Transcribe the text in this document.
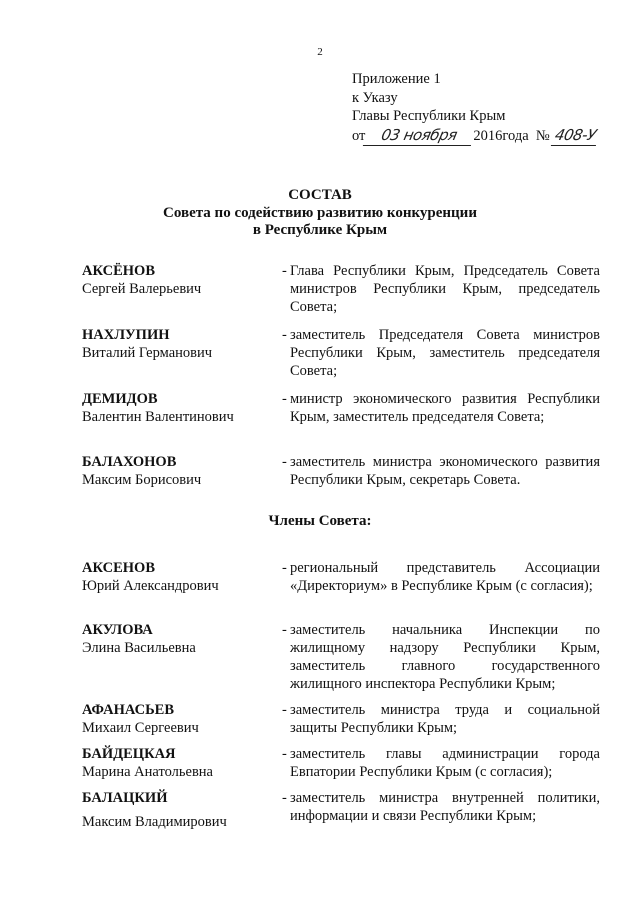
2
Приложение 1
к Указу
Главы Республики Крым
от 03 ноября 2016года № 408-У
СОСТАВ
Совета по содействию развитию конкуренции
в Республике Крым
АКСЁНОВ
Сергей Валерьевич
- Глава Республики Крым, Председатель Совета министров Республики Крым, председатель Совета;
НАХЛУПИН
Виталий Германович
- заместитель Председателя Совета министров Республики Крым, заместитель председателя Совета;
ДЕМИДОВ
Валентин Валентинович
- министр экономического развития Республики Крым, заместитель председателя Совета;
БАЛАХОНОВ
Максим Борисович
- заместитель министра экономического развития Республики Крым, секретарь Совета.
Члены Совета:
АКСЕНОВ
Юрий Александрович
- региональный представитель Ассоциации «Директориум» в Республике Крым (с согласия);
АКУЛОВА
Элина Васильевна
- заместитель начальника Инспекции по жилищному надзору Республики Крым, заместитель главного государственного жилищного инспектора Республики Крым;
АФАНАСЬЕВ
Михаил Сергеевич
- заместитель министра труда и социальной защиты Республики Крым;
БАЙДЕЦКАЯ
Марина Анатольевна
- заместитель главы администрации города Евпатории Республики Крым (с согласия);
БАЛАЦКИЙ
Максим Владимирович
- заместитель министра внутренней политики, информации и связи Республики Крым;
